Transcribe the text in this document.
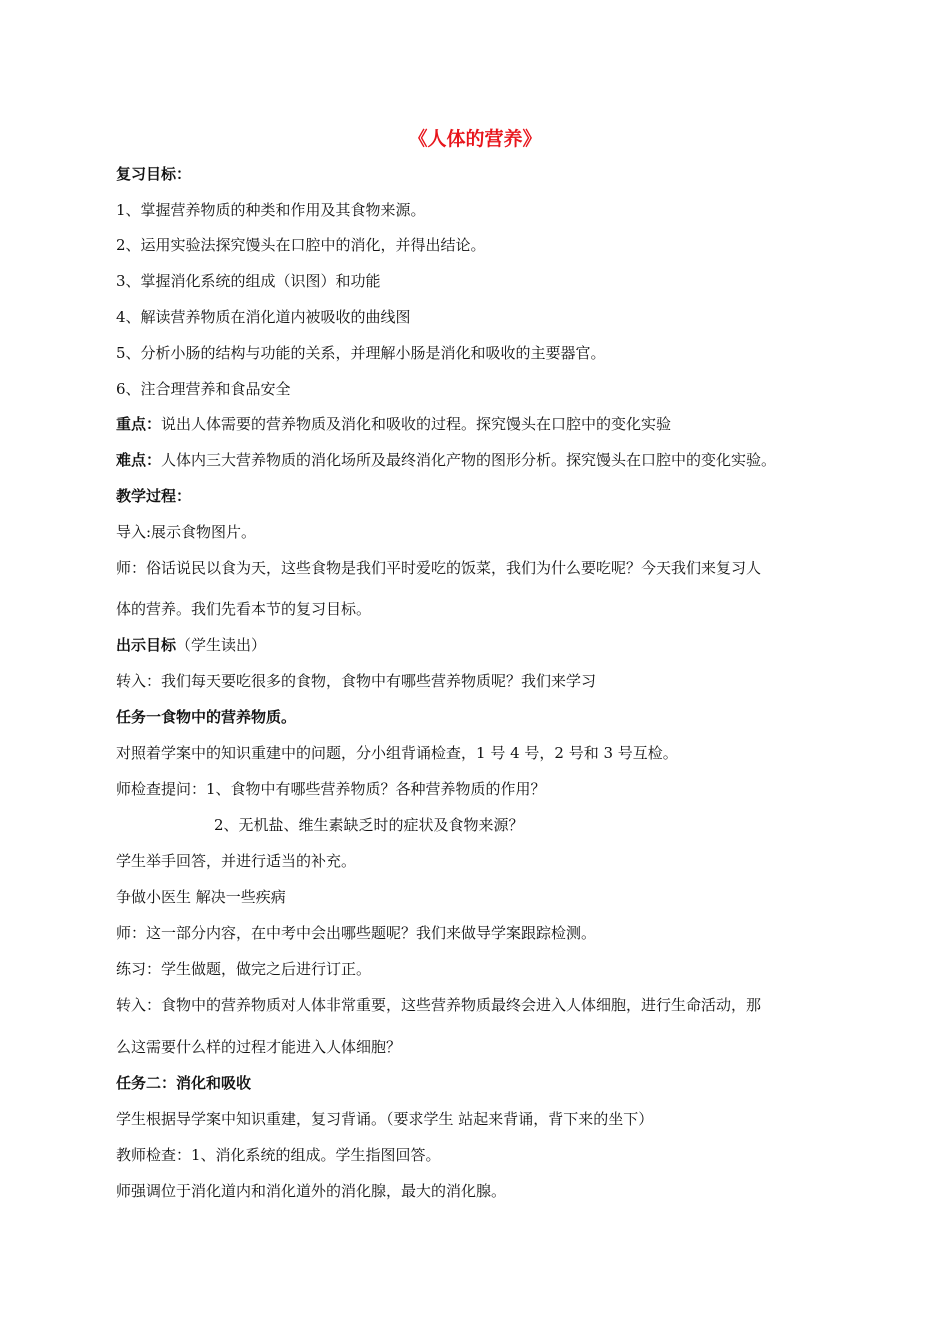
《人体的营养》
复习目标：
1、掌握营养物质的种类和作用及其食物来源。
2、运用实验法探究馒头在口腔中的消化，并得出结论。
3、掌握消化系统的组成（识图）和功能
4、解读营养物质在消化道内被吸收的曲线图
5、分析小肠的结构与功能的关系，并理解小肠是消化和吸收的主要器官。
6、注合理营养和食品安全
重点：说出人体需要的营养物质及消化和吸收的过程。探究馒头在口腔中的变化实验
难点：人体内三大营养物质的消化场所及最终消化产物的图形分析。探究馒头在口腔中的变化实验。
教学过程：
导入:展示食物图片。
师：俗话说民以食为天，这些食物是我们平时爱吃的饭菜，我们为什么要吃呢？今天我们来复习人
体的营养。我们先看本节的复习目标。
出示目标（学生读出）
转入：我们每天要吃很多的食物，食物中有哪些营养物质呢？我们来学习
任务一食物中的营养物质。
对照着学案中的知识重建中的问题，分小组背诵检查，1 号 4 号，2 号和 3 号互检。
师检查提问：1、食物中有哪些营养物质？各种营养物质的作用？
2、无机盐、维生素缺乏时的症状及食物来源？
学生举手回答，并进行适当的补充。
争做小医生 解决一些疾病
师：这一部分内容，在中考中会出哪些题呢？我们来做导学案跟踪检测。
练习：学生做题，做完之后进行订正。
转入：食物中的营养物质对人体非常重要，这些营养物质最终会进入人体细胞，进行生命活动，那
么这需要什么样的过程才能进入人体细胞？
任务二：消化和吸收
学生根据导学案中知识重建，复习背诵。（要求学生 站起来背诵，背下来的坐下）
教师检查：1、消化系统的组成。学生指图回答。
师强调位于消化道内和消化道外的消化腺，最大的消化腺。
